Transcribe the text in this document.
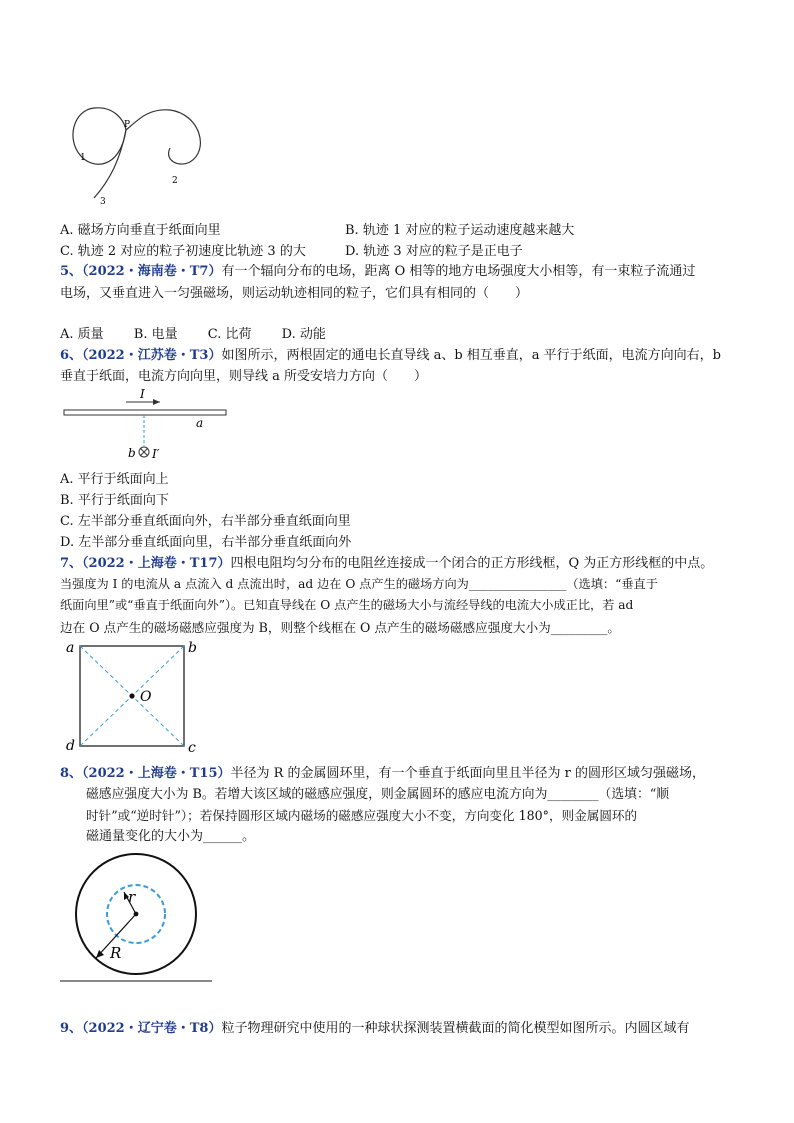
P
1
2
3
A. 磁场方向垂直于纸面向里	B. 轨迹 1 对应的粒子运动速度越来越大
C. 轨迹 2 对应的粒子初速度比轨迹 3 的大	D. 轨迹 3 对应的粒子是正电子
5、（2022・海南卷・T7）有一个辐向分布的电场，距离 O 相等的地方电场强度大小相等，有一束粒子流通过
电场，又垂直进入一匀强磁场，则运动轨迹相同的粒子，它们具有相同的（　　）
A. 质量　　 B. 电量　　 C. 比荷　　 D. 动能
6、（2022・江苏卷・T3）如图所示，两根固定的通电长直导线 a、b 相互垂直，a 平行于纸面，电流方向向右，b
垂直于纸面，电流方向向里，则导线 a 所受安培力方向（　　）
I
a
b I′
A. 平行于纸面向上
B. 平行于纸面向下
C. 左半部分垂直纸面向外，右半部分垂直纸面向里
D. 左半部分垂直纸面向里，右半部分垂直纸面向外
7、（2022・上海卷・T17）四根电阻均匀分布的电阻丝连接成一个闭合的正方形线框，Q 为正方形线框的中点。
当强度为 I 的电流从 a 点流入 d 点流出时，ad 边在 O 点产生的磁场方向为________________（选填：“垂直于
纸面向里”或“垂直于纸面向外”）。已知直导线在 O 点产生的磁场大小与流经导线的电流大小成正比，若 ad
边在 O 点产生的磁场磁感应强度为 B，则整个线框在 O 点产生的磁场磁感应强度大小为_________。
a	b
d	c
O
8、（2022・上海卷・T15）半径为 R 的金属圆环里，有一个垂直于纸面向里且半径为 r 的圆形区域匀强磁场，
磁感应强度大小为 B。若增大该区域的磁感应强度，则金属圆环的感应电流方向为________（选填：“顺
时针”或“逆时针”）；若保持圆形区域内磁场的磁感应强度大小不变，方向变化 180°，则金属圆环的
磁通量变化的大小为______。
r
R
9、（2022・辽宁卷・T8）粒子物理研究中使用的一种球状探测装置横截面的简化模型如图所示。内圆区域有
